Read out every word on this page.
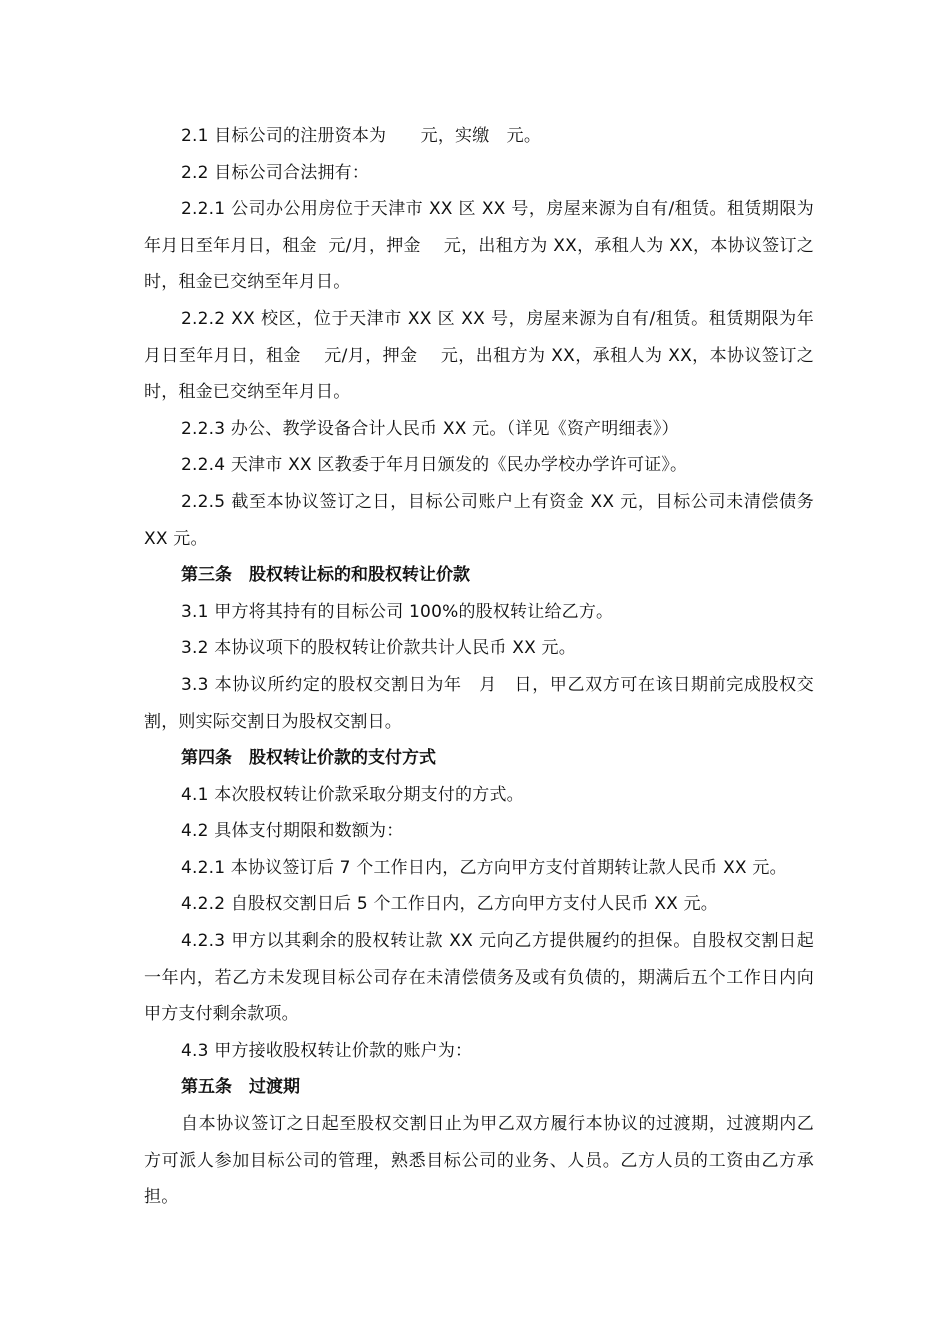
2.1 目标公司的注册资本为　　元，实缴　元。

2.2 目标公司合法拥有：

2.2.1 公司办公用房位于天津市 XX 区 XX 号，房屋来源为自有/租赁。租赁期限为年月日至年月日，租金  元/月，押金　 元，出租方为 XX，承租人为 XX，本协议签订之时，租金已交纳至年月日。

2.2.2 XX 校区，位于天津市 XX 区 XX 号，房屋来源为自有/租赁。租赁期限为年月日至年月日，租金　 元/月，押金　 元，出租方为 XX，承租人为 XX，本协议签订之时，租金已交纳至年月日。

2.2.3 办公、教学设备合计人民币 XX 元。（详见《资产明细表》）

2.2.4 天津市 XX 区教委于年月日颁发的《民办学校办学许可证》。

2.2.5 截至本协议签订之日，目标公司账户上有资金 XX 元，目标公司未清偿债务 XX 元。

第三条　股权转让标的和股权转让价款

3.1 甲方将其持有的目标公司 100%的股权转让给乙方。

3.2 本协议项下的股权转让价款共计人民币 XX 元。

3.3 本协议所约定的股权交割日为年　月　日，甲乙双方可在该日期前完成股权交割，则实际交割日为股权交割日。

第四条　股权转让价款的支付方式

4.1 本次股权转让价款采取分期支付的方式。

4.2 具体支付期限和数额为：

4.2.1 本协议签订后 7 个工作日内，乙方向甲方支付首期转让款人民币 XX 元。

4.2.2 自股权交割日后 5 个工作日内，乙方向甲方支付人民币 XX 元。

4.2.3 甲方以其剩余的股权转让款 XX 元向乙方提供履约的担保。自股权交割日起一年内，若乙方未发现目标公司存在未清偿债务及或有负债的，期满后五个工作日内向甲方支付剩余款项。

4.3 甲方接收股权转让价款的账户为：

第五条　过渡期

自本协议签订之日起至股权交割日止为甲乙双方履行本协议的过渡期，过渡期内乙方可派人参加目标公司的管理，熟悉目标公司的业务、人员。乙方人员的工资由乙方承担。
